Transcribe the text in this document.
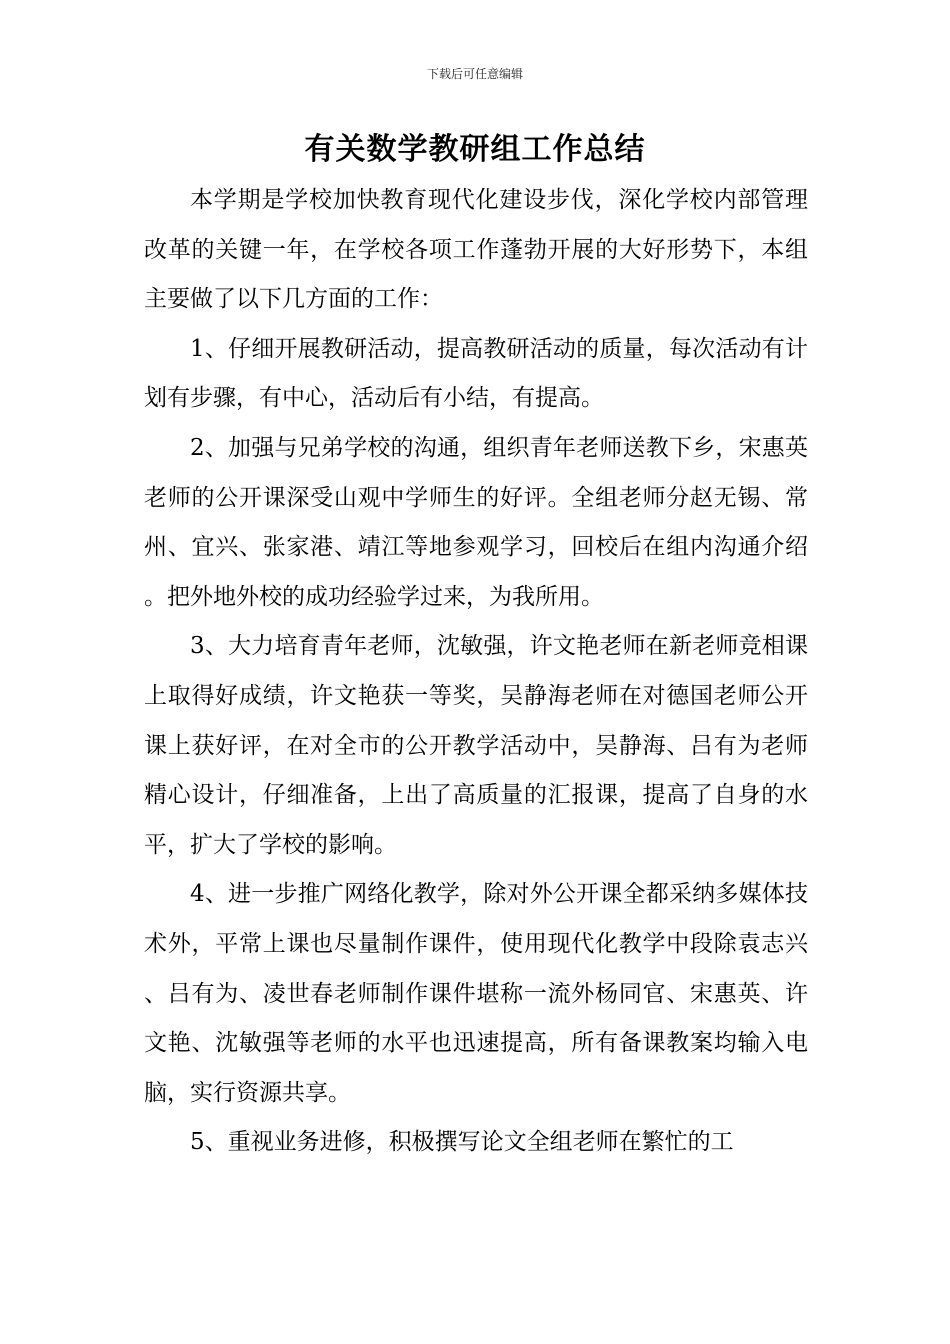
下载后可任意编辑
有关数学教研组工作总结

本学期是学校加快教育现代化建设步伐，深化学校内部管理改革的关键一年，在学校各项工作蓬勃开展的大好形势下，本组主要做了以下几方面的工作：

1、仔细开展教研活动，提高教研活动的质量，每次活动有计划有步骤，有中心，活动后有小结，有提高。

2、加强与兄弟学校的沟通，组织青年老师送教下乡，宋惠英老师的公开课深受山观中学师生的好评。全组老师分赵无锡、常州、宜兴、张家港、靖江等地参观学习，回校后在组内沟通介绍。把外地外校的成功经验学过来，为我所用。

3、大力培育青年老师，沈敏强，许文艳老师在新老师竞相课上取得好成绩，许文艳获一等奖，吴静海老师在对德国老师公开课上获好评，在对全市的公开教学活动中，吴静海、吕有为老师精心设计，仔细准备，上出了高质量的汇报课，提高了自身的水平，扩大了学校的影响。

4、进一步推广网络化教学，除对外公开课全都采纳多媒体技术外，平常上课也尽量制作课件，使用现代化教学中段除袁志兴、吕有为、凌世春老师制作课件堪称一流外杨同官、宋惠英、许文艳、沈敏强等老师的水平也迅速提高，所有备课教案均输入电脑，实行资源共享。

5、重视业务进修，积极撰写论文全组老师在繁忙的工
